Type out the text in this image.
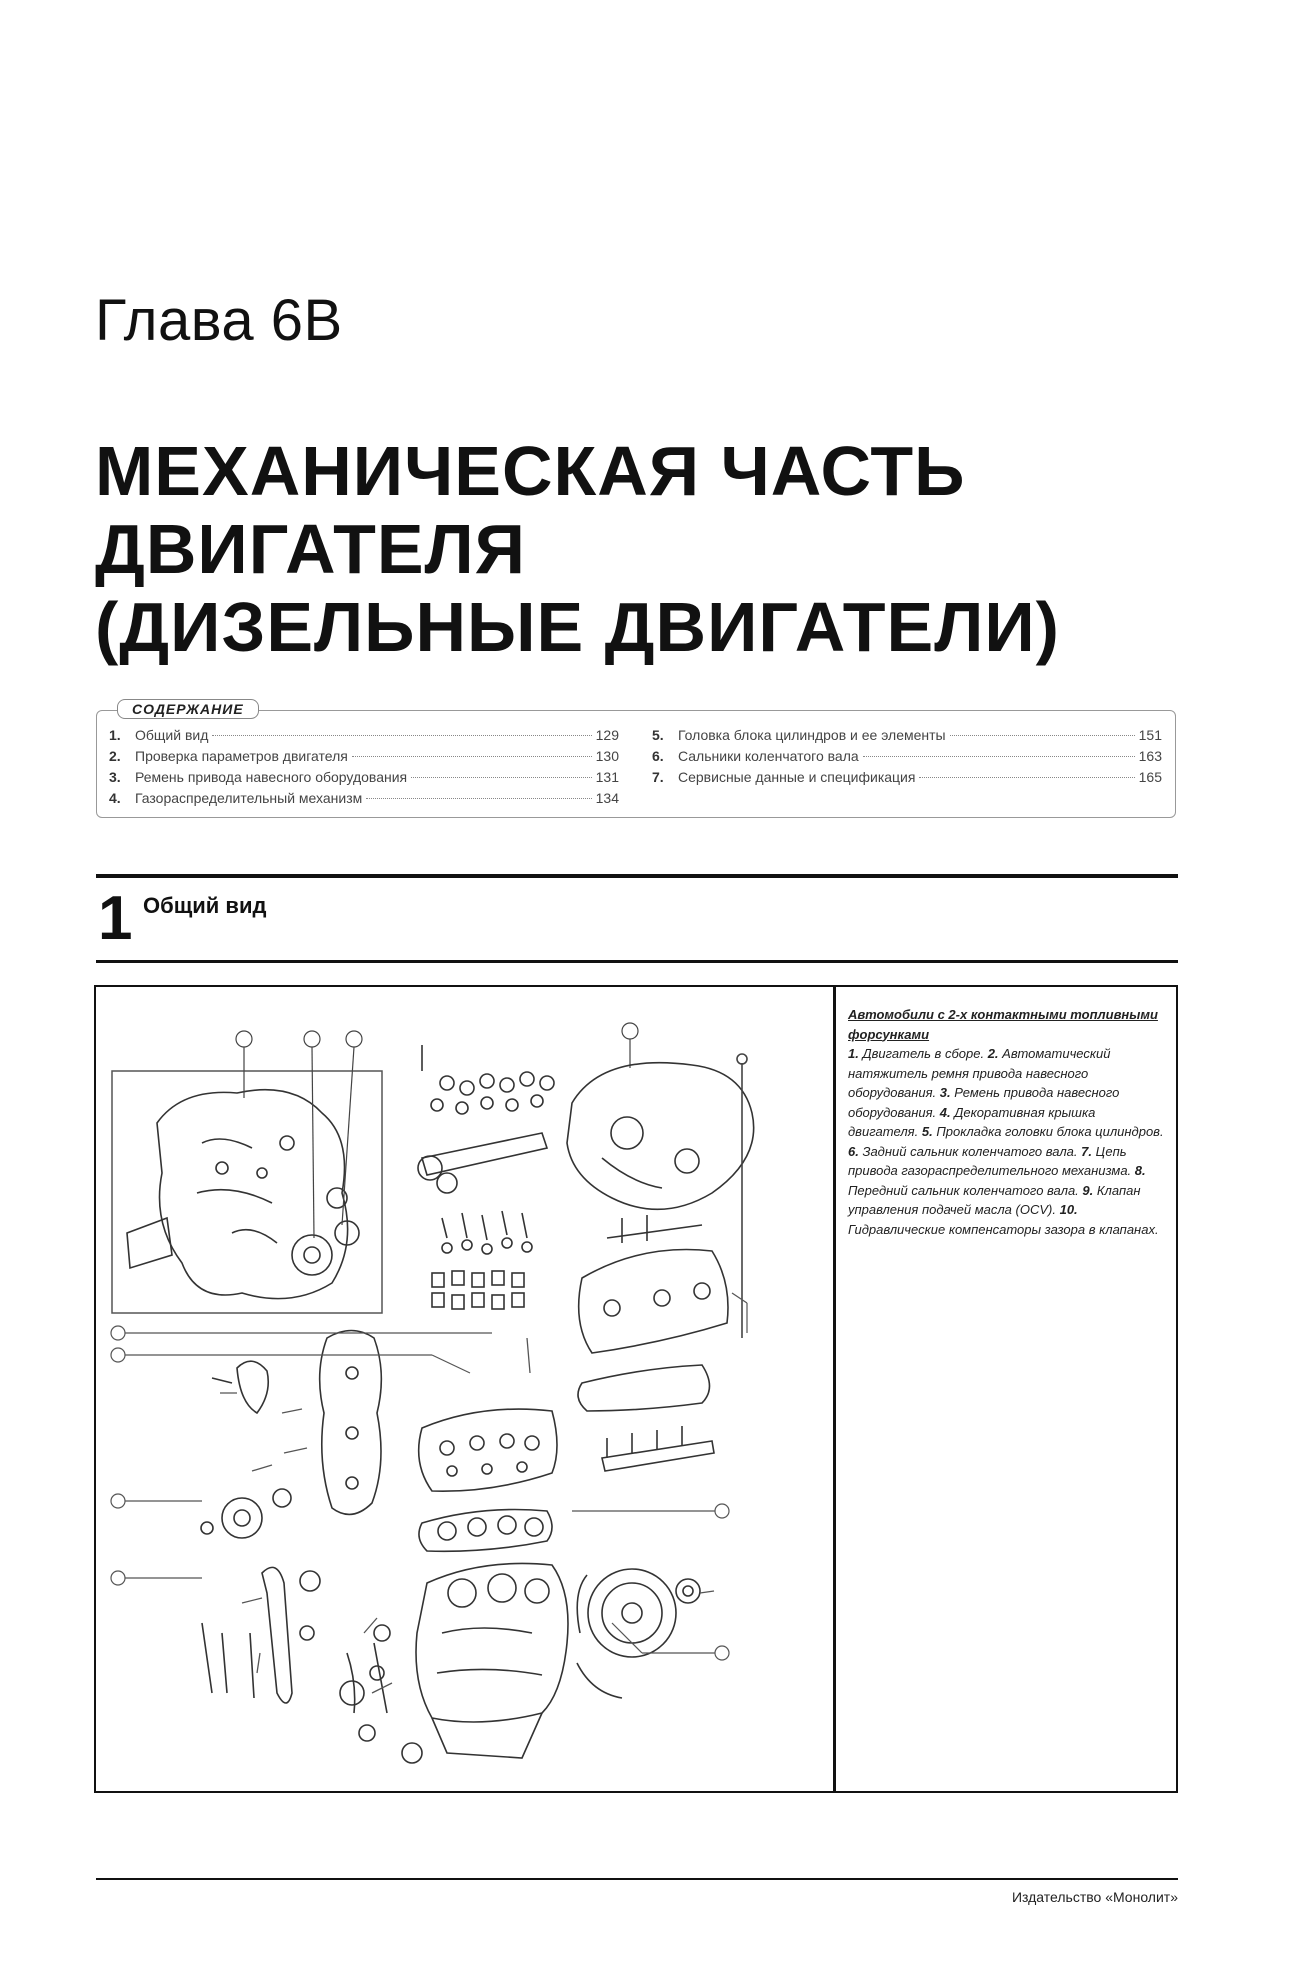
Глава 6В
МЕХАНИЧЕСКАЯ ЧАСТЬ
ДВИГАТЕЛЯ
(ДИЗЕЛЬНЫЕ ДВИГАТЕЛИ)
СОДЕРЖАНИЕ
1.	Общий вид	129
2.	Проверка параметров двигателя	130
3.	Ремень привода навесного оборудования	131
4.	Газораспределительный механизм	134
5.	Головка блока цилиндров и ее элементы	151
6.	Сальники коленчатого вала	163
7.	Сервисные данные и спецификация	165
1 Общий вид
Автомобили с 2-х контактными топливными форсунками
1. Двигатель в сборе. 2. Автоматический натяжитель ремня привода навесного оборудования. 3. Ремень привода навесного оборудования. 4. Декоративная крышка двигателя. 5. Прокладка головки блока цилиндров. 6. Задний сальник коленчатого вала. 7. Цепь привода газораспределительного механизма. 8. Передний сальник коленчатого вала. 9. Клапан управления подачей масла (OCV). 10. Гидравлические компенсаторы зазора в клапанах.
Издательство «Монолит»
